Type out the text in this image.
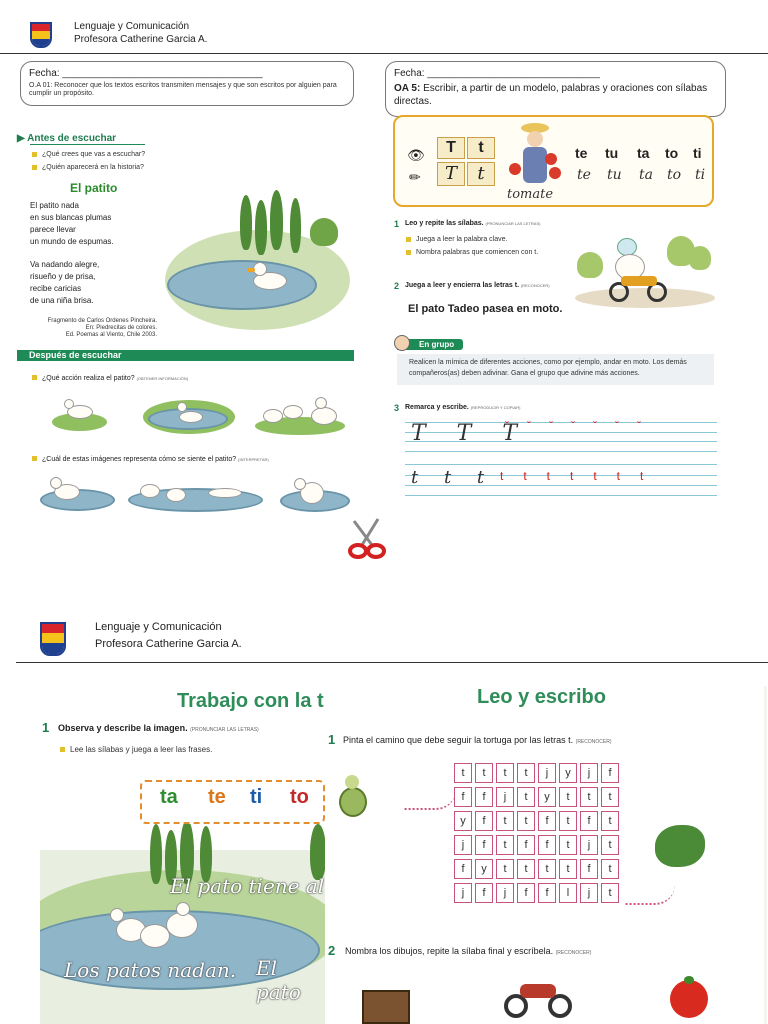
Lenguaje y Comunicación
Profesora Catherine Garcia A.
Fecha: ____________________________________
O.A 01: Reconocer que los textos escritos transmiten mensajes y que son escritos por alguien para cumplir un propósito.
▶ Antes de escuchar
¿Qué crees que vas a escuchar?
¿Quién aparecerá en la historia?
El patito
El patito nada
en sus blancas plumas
parece llevar
un mundo de espumas.
Va nadando alegre,
risueño y de prisa,
recibe caricias
de una niña brisa.
Fragmento de Carlos Ordenes Pincheira.
En: Piedrecitas de colores.
Ed. Poemas al Viento, Chile 2003.
Después de escuchar
¿Qué acción realiza el patito? (OBTENER INFORMACIÓN)
¿Cuál de estas imágenes representa cómo se siente el patito? (INTERPRETAR)
Fecha: _______________________________
OA 5: Escribir, a partir de un modelo, palabras y oraciones con sílabas directas.
👁
✏
T	t
T	t
tomate
te tu ta to ti
te tu ta to ti
1 Leo y repite las sílabas. (PRONUNCIAR LAS LETRAS)
Juega a leer la palabra clave.
Nombra palabras que comiencen con t.
2 Juega a leer y encierra las letras t. (RECONOCER)
El pato Tadeo pasea en moto.
En grupo
Realicen la mímica de diferentes acciones, como por ejemplo, andar en moto. Los demás compañeros(as) deben adivinar. Gana el grupo que adivine más acciones.
3 Remarca y escribe. (REPRODUCIR Y COPIAR)
T T T
ˇˇˇˇˇˇˇ
t t t ttttttt
Lenguaje y Comunicación
Profesora Catherine Garcia A.
Trabajo con la t
1 Observa y describe la imagen. (PRONUNCIAR LAS LETRAS)
Lee las sílabas y juega a leer las frases.
El pato tiene al
Los patos nadan. El pato
ta te ti to
Leo y escribo
1 Pinta el camino que debe seguir la tortuga por las letras t. (RECONOCER)
t	t	t	t	j	y	j	f
f	f	j	t	y	t	t	t
y	f	t	t	f	t	f	t
j	f	t	f	f	t	j	t
f	y	t	t	t	t	f	t
j	f	j	f	f	l	j	t
2 Nombra los dibujos, repite la sílaba final y escríbela. (RECONOCER)
